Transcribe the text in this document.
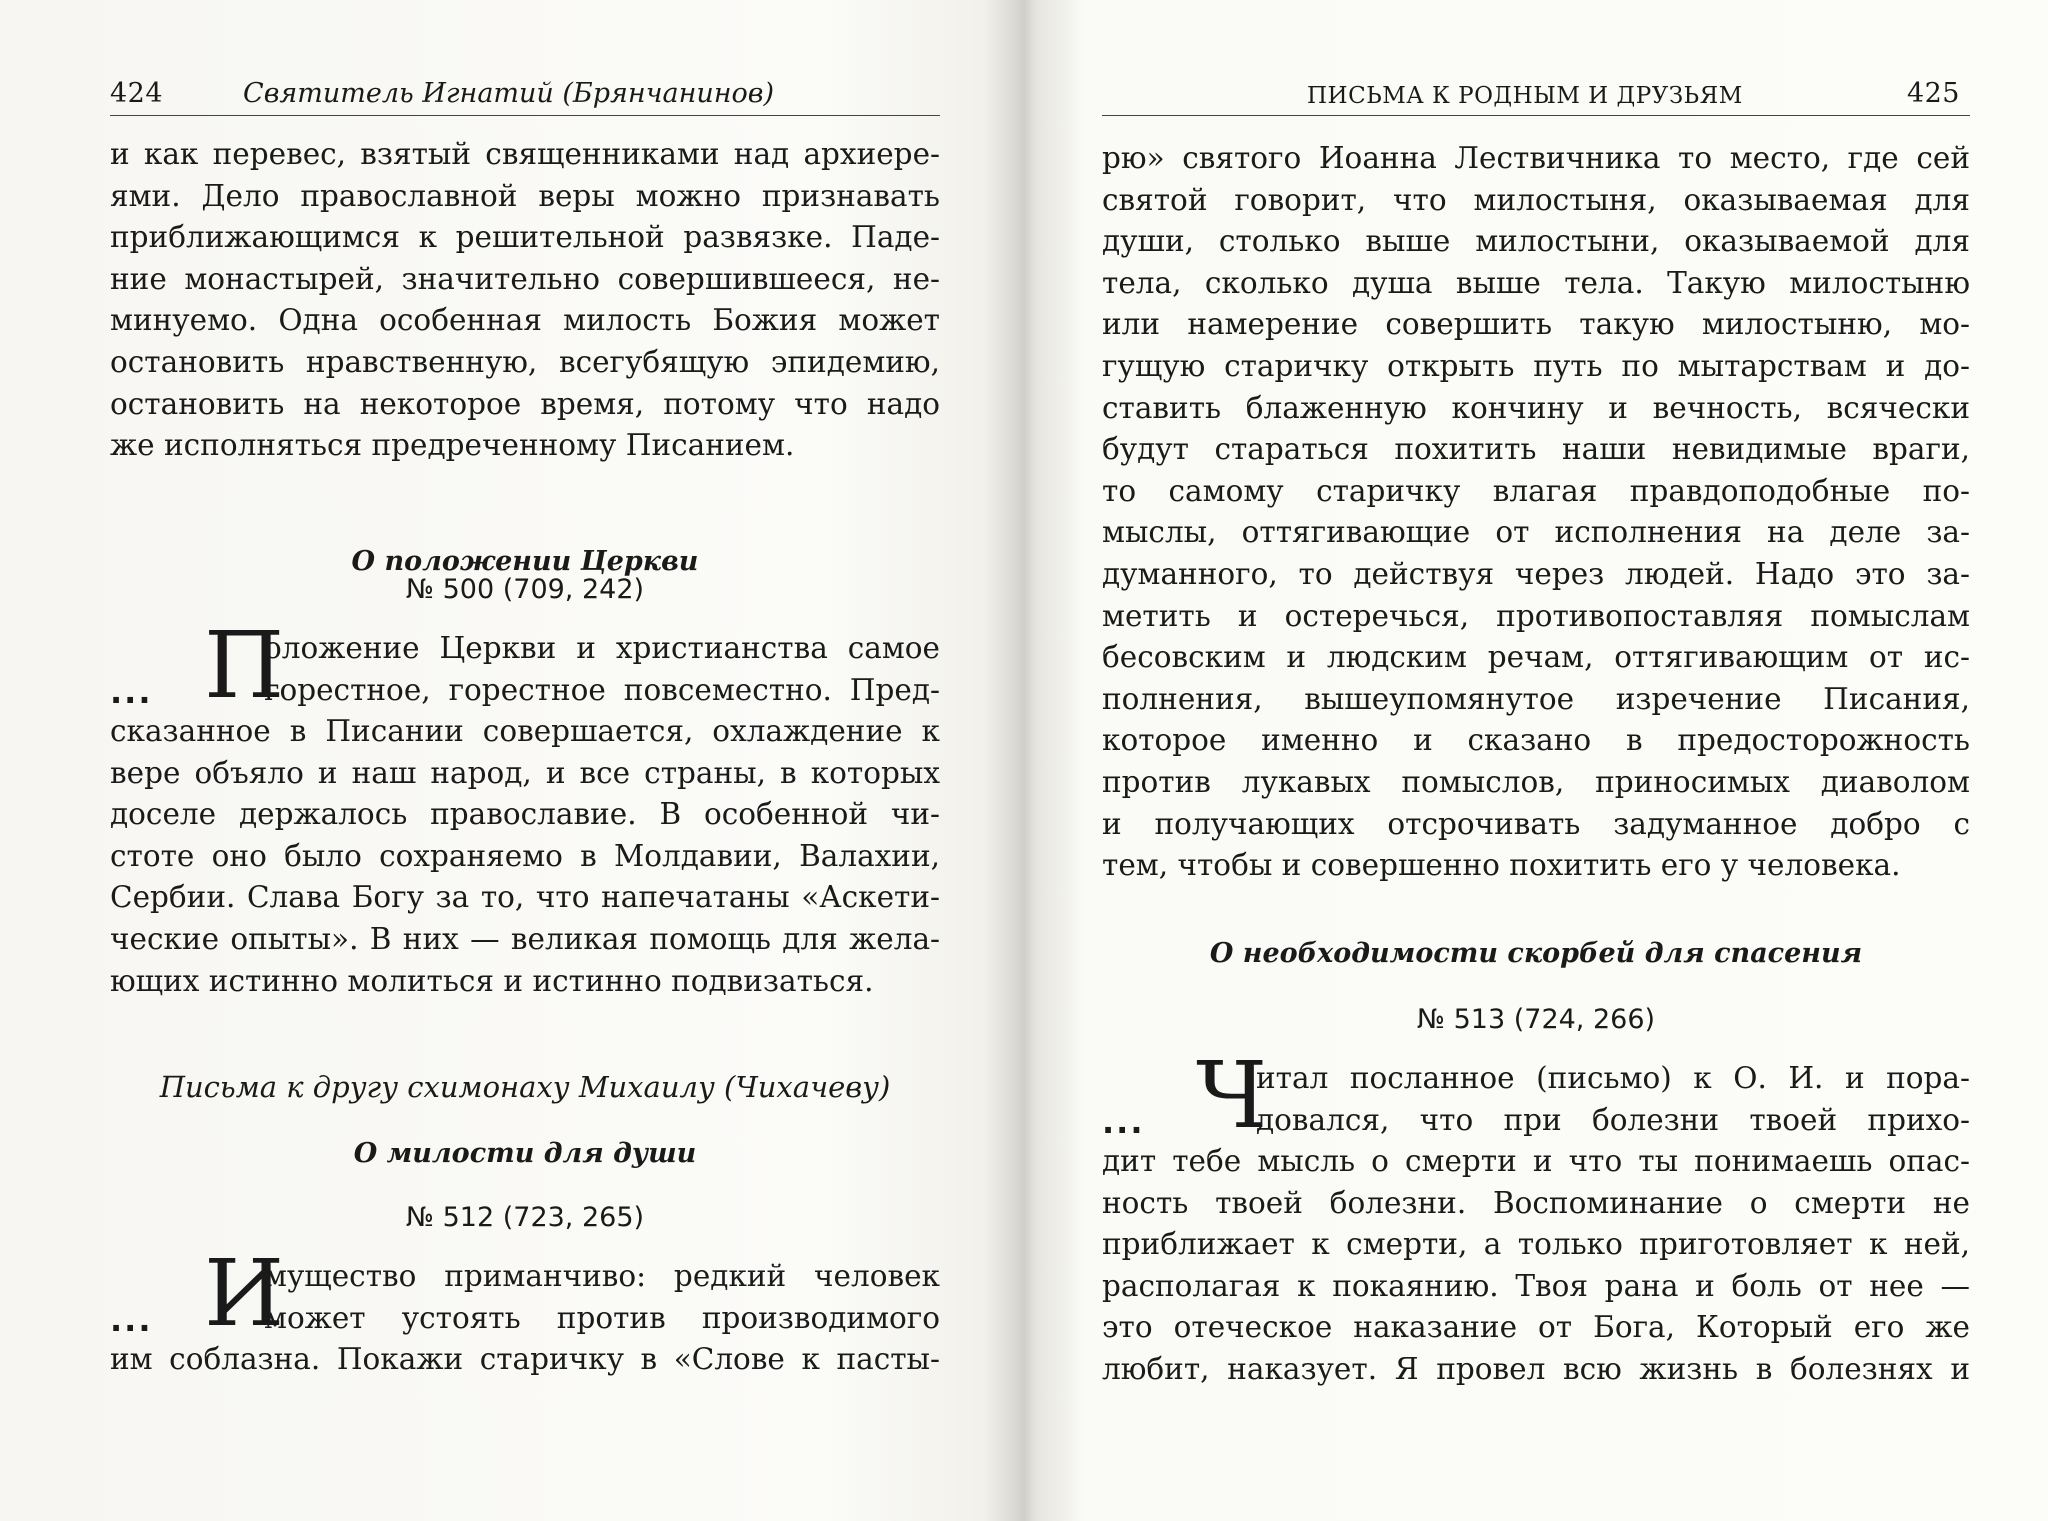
424	Святитель Игнатий (Брянчанинов)
и как перевес, взятый священниками над архиере-
ями. Дело православной веры можно признавать
приближающимся к решительной развязке. Паде-
ние монастырей, значительно совершившееся, не-
минуемо. Одна особенная милость Божия может
остановить нравственную, всегубящую эпидемию,
остановить на некоторое время, потому что надо
же исполняться предреченному Писанием.
О положении Церкви
№ 500 (709, 242)
... П
оложение Церкви и христианства самое
горестное, горестное повсеместно. Пред-
сказанное в Писании совершается, охлаждение к
вере объяло и наш народ, и все страны, в которых
доселе держалось православие. В особенной чи-
стоте оно было сохраняемо в Молдавии, Валахии,
Сербии. Слава Богу за то, что напечатаны «Аскети-
ческие опыты». В них — великая помощь для жела-
ющих истинно молиться и истинно подвизаться.
Письма к другу схимонаху Михаилу (Чихачеву)
О милости для души
№ 512 (723, 265)
... И
мущество приманчиво: редкий человек
может устоять против производимого
им соблазна. Покажи старичку в «Слове к пасты-
ПИСЬМА К РОДНЫМ И ДРУЗЬЯМ	425
рю» святого Иоанна Лествичника то место, где сей
святой говорит, что милостыня, оказываемая для
души, столько выше милостыни, оказываемой для
тела, сколько душа выше тела. Такую милостыню
или намерение совершить такую милостыню, мо-
гущую старичку открыть путь по мытарствам и до-
ставить блаженную кончину и вечность, всячески
будут стараться похитить наши невидимые враги,
то самому старичку влагая правдоподобные по-
мыслы, оттягивающие от исполнения на деле за-
думанного, то действуя через людей. Надо это за-
метить и остеречься, противопоставляя помыслам
бесовским и людским речам, оттягивающим от ис-
полнения, вышеупомянутое изречение Писания,
которое именно и сказано в предосторожность
против лукавых помыслов, приносимых диаволом
и получающих отсрочивать задуманное добро с
тем, чтобы и совершенно похитить его у человека.
О необходимости скорбей для спасения
№ 513 (724, 266)
... Ч
итал посланное (письмо) к О. И. и пора-
довался, что при болезни твоей прихо-
дит тебе мысль о смерти и что ты понимаешь опас-
ность твоей болезни. Воспоминание о смерти не
приближает к смерти, а только приготовляет к ней,
располагая к покаянию. Твоя рана и боль от нее —
это отеческое наказание от Бога, Который его же
любит, наказует. Я провел всю жизнь в болезнях и
